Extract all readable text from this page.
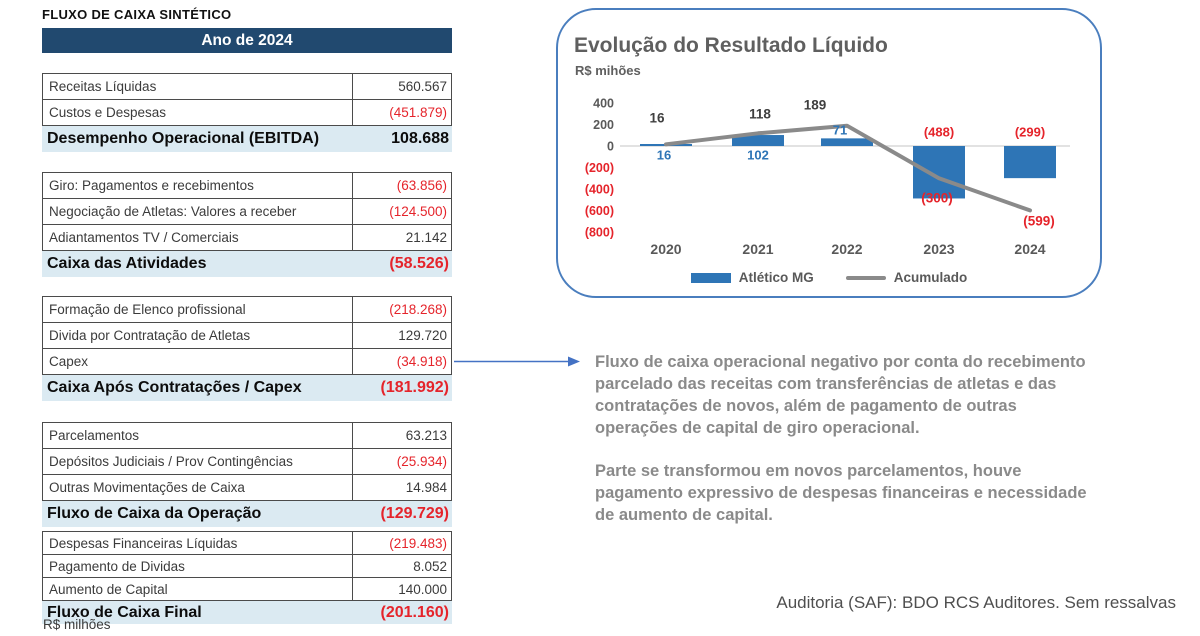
FLUXO DE CAIXA SINTÉTICO
Ano de 2024
Receitas Líquidas	560.567
Custos e Despesas	(451.879)
Desempenho Operacional (EBITDA)	108.688
Giro: Pagamentos e recebimentos	(63.856)
Negociação de Atletas: Valores a receber	(124.500)
Adiantamentos TV / Comerciais	21.142
Caixa das Atividades	(58.526)
Formação de Elenco profissional	(218.268)
Divida por Contratação de Atletas	129.720
Capex	(34.918)
Caixa Após Contratações / Capex	(181.992)
Parcelamentos	63.213
Depósitos Judiciais / Prov Contingências	(25.934)
Outras Movimentações de Caixa	14.984
Fluxo de Caixa da Operação	(129.729)
Despesas Financeiras Líquidas	(219.483)
Pagamento de Dividas	8.052
Aumento de Capital	140.000
Fluxo de Caixa Final	(201.160)
R$ milhões
400
200
0
(200)
(400)
(600)
(800)
16	102
71	(488)	(299)
16	118
189
(300)
(599)
2020	2021	2022	2023	2024
Evolução do Resultado Líquido
R$ mihões
Atlético MG	Acumulado

Fluxo de caixa operacional negativo por conta do recebimento parcelado das receitas com transferências de atletas e das contratações de novos, além de pagamento de outras operações de capital de giro operacional.

Parte se transformou em novos parcelamentos, houve pagamento expressivo de despesas financeiras e necessidade de aumento de capital.

Auditoria (SAF): BDO RCS Auditores. Sem ressalvas
